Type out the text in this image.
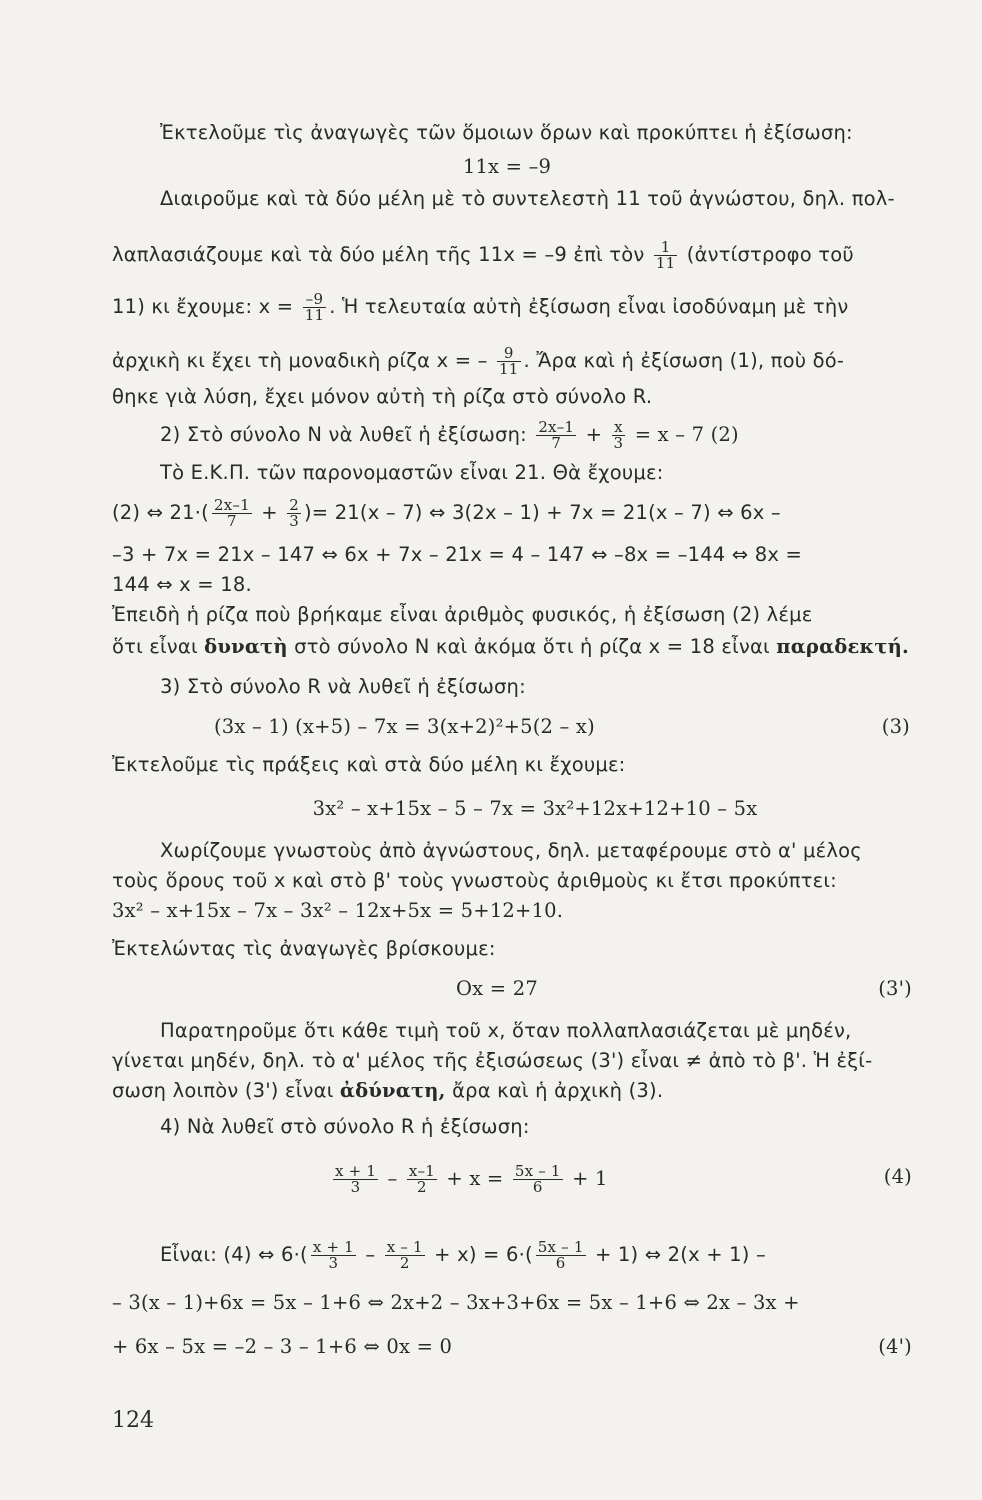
Ἐκτελοῦμε τὶς ἀναγωγὲς τῶν ὅμοιων ὅρων καὶ προκύπτει ἡ ἐξίσωση:
11x = –9
Διαιροῦμε καὶ τὰ δύο μέλη μὲ τὸ συντελεστὴ 11 τοῦ ἀγνώστου, δηλ. πολ-
λαπλασιάζουμε καὶ τὰ δύο μέλη τῆς 11x = –9 ἐπὶ τὸν $\frac{1}{11}$ (ἀντίστροφο τοῦ
11) κι ἔχουμε: $x = \frac{-9}{11}$ . Ἡ τελευταία αὐτὴ ἐξίσωση εἶναι ἰσοδύναμη μὲ τὴν
ἀρχικὴ κι ἔχει τὴ μοναδικὴ ρίζα x = – $\frac{9}{11}$ . Ἄρα καὶ ἡ ἐξίσωση (1), ποὺ δό-
θηκε γιὰ λύση, ἔχει μόνον αὐτὴ τὴ ρίζα στὸ σύνολο R.
2) Στὸ σύνολο N νὰ λυθεῖ ἡ ἐξίσωση: $\frac{2x-1}{7} + \frac{x}{3} = x - 7$ (2)
Τὸ Ε.Κ.Π. τῶν παρονομαστῶν εἶναι 21. Θὰ ἔχουμε:
(2) ⇔ $21\cdot( \frac{2x-1}{7} + \frac{2}{3}$ )= 21(x – 7) ⇔ 3(2x – 1) + 7x = 21(x – 7) ⇔ 6x –
–3 + 7x = 21x – 147 ⇔ 6x + 7x – 21x = 4 – 147 ⇔ –8x = –144 ⇔ 8x =
144 ⇔ x = 18.
Ἐπειδὴ ἡ ρίζα ποὺ βρήκαμε εἶναι ἀριθμὸς φυσικός, ἡ ἐξίσωση (2) λέμε
ὅτι εἶναι δυνατὴ στὸ σύνολο N καὶ ἀκόμα ὅτι ἡ ρίζα x = 18 εἶναι παραδεκτή.
3) Στὸ σύνολο R νὰ λυθεῖ ἡ ἐξίσωση:
(3x – 1) (x+5) – 7x = 3(x+2)²+5(2 – x)	(3)
Ἐκτελοῦμε τὶς πράξεις καὶ στὰ δύο μέλη κι ἔχουμε:
3x² – x+15x – 5 – 7x = 3x²+12x+12+10 – 5x
Χωρίζουμε γνωστοὺς ἀπὸ ἀγνώστους, δηλ. μεταφέρουμε στὸ α' μέλος
τοὺς ὅρους τοῦ x καὶ στὸ β' τοὺς γνωστοὺς ἀριθμοὺς κι ἔτσι προκύπτει:
3x² – x+15x – 7x – 3x² – 12x+5x = 5+12+10.
Ἐκτελώντας τὶς ἀναγωγὲς βρίσκουμε:
Ox = 27	(3')
Παρατηροῦμε ὅτι κάθε τιμὴ τοῦ x, ὅταν πολλαπλασιάζεται μὲ μηδέν,
γίνεται μηδέν, δηλ. τὸ α' μέλος τῆς ἐξισώσεως (3') εἶναι ≠ ἀπὸ τὸ β'. Ἡ ἐξί-
σωση λοιπὸν (3') εἶναι ἀδύνατη, ἄρα καὶ ἡ ἀρχικὴ (3).
4) Νὰ λυθεῖ στὸ σύνολο R ἡ ἐξίσωση:
$\frac{x + 1}{3} - \frac{x-1}{2} + x = \frac{5x - 1}{6} + 1$	(4)
Εἶναι: (4) ⇔ $6\cdot( \frac{x + 1}{3} - \frac{x - 1}{2} + x) = 6\cdot( \frac{5x - 1}{6} + 1)$ ⇔ 2(x + 1) –
– 3(x – 1)+6x = 5x – 1+6 ⇔ 2x+2 – 3x+3+6x = 5x – 1+6 ⇔ 2x – 3x +
+ 6x – 5x = –2 – 3 – 1+6 ⇔ 0x = 0	(4')
124
